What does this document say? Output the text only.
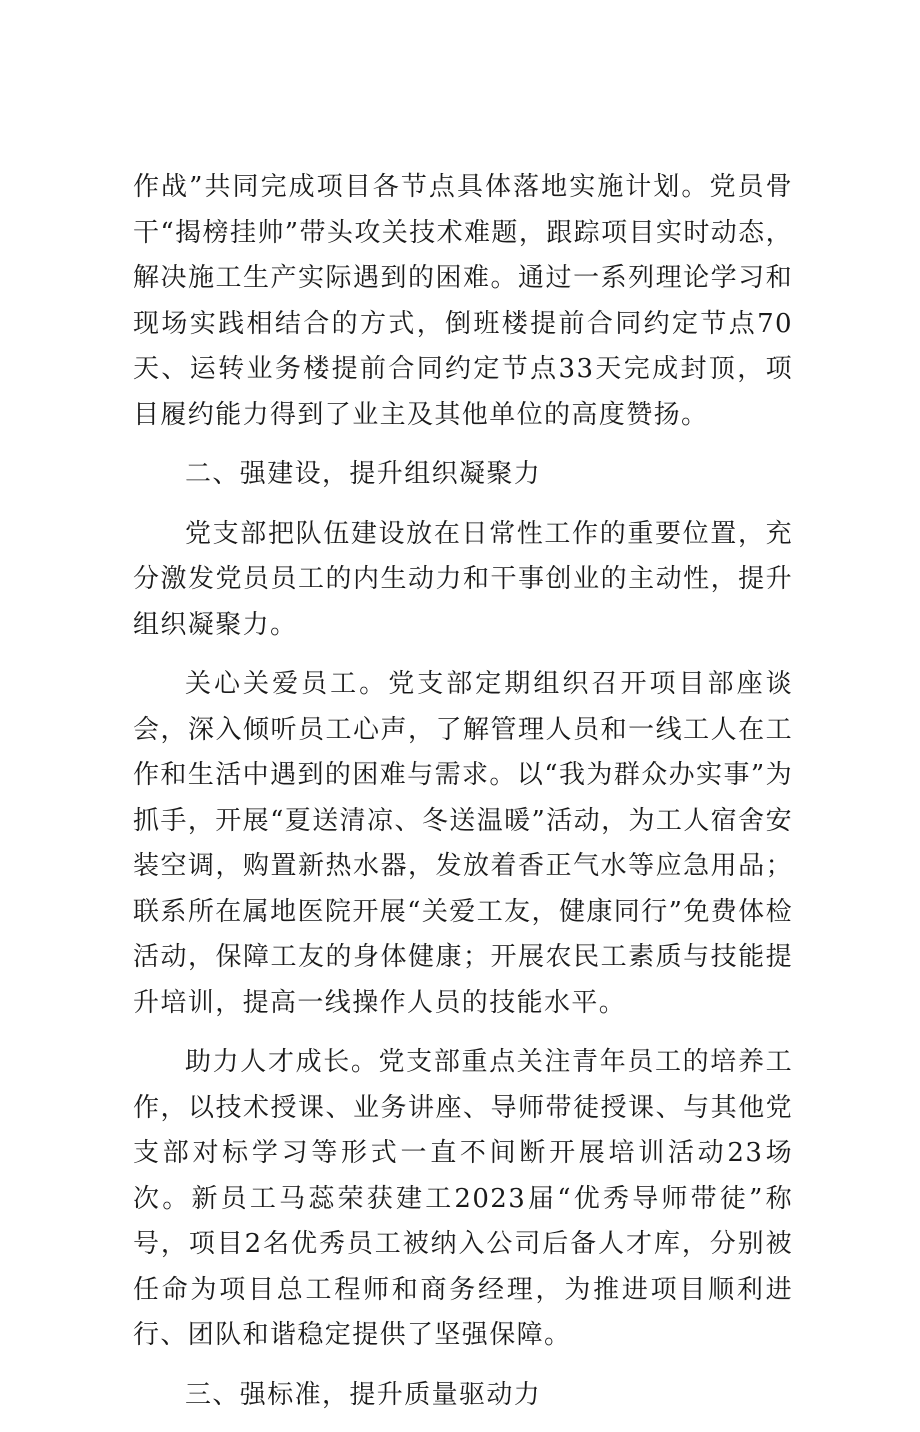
作战”共同完成项目各节点具体落地实施计划。党员骨干“揭榜挂帅”带头攻关技术难题，跟踪项目实时动态，解决施工生产实际遇到的困难。通过一系列理论学习和现场实践相结合的方式，倒班楼提前合同约定节点70天、运转业务楼提前合同约定节点33天完成封顶，项目履约能力得到了业主及其他单位的高度赞扬。

二、强建设，提升组织凝聚力

党支部把队伍建设放在日常性工作的重要位置，充分激发党员员工的内生动力和干事创业的主动性，提升组织凝聚力。

关心关爱员工。党支部定期组织召开项目部座谈会，深入倾听员工心声，了解管理人员和一线工人在工作和生活中遇到的困难与需求。以“我为群众办实事”为抓手，开展“夏送清凉、冬送温暖”活动，为工人宿舍安装空调，购置新热水器，发放着香正气水等应急用品；联系所在属地医院开展“关爱工友，健康同行”免费体检活动，保障工友的身体健康；开展农民工素质与技能提升培训，提高一线操作人员的技能水平。

助力人才成长。党支部重点关注青年员工的培养工作，以技术授课、业务讲座、导师带徒授课、与其他党支部对标学习等形式一直不间断开展培训活动23场次。新员工马蕊荣获建工2023届“优秀导师带徒”称号，项目2名优秀员工被纳入公司后备人才库，分别被任命为项目总工程师和商务经理，为推进项目顺利进行、团队和谐稳定提供了坚强保障。

三、强标准，提升质量驱动力
